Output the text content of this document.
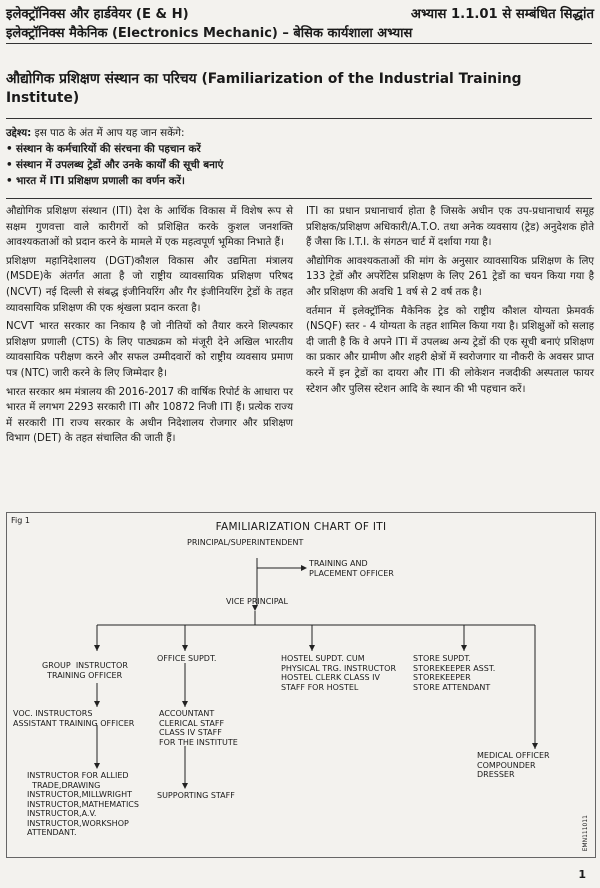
इलेक्ट्रॉनिक्स और हार्डवेयर (E & H)	अभ्यास 1.1.01 से सम्बंधित सिद्धांत
इलेक्ट्रॉनिक्स मैकेनिक (Electronics Mechanic) – बेसिक कार्यशाला अभ्यास
औद्योगिक प्रशिक्षण संस्थान का परिचय (Familiarization of the Industrial Training Institute)
उद्देश्य: इस पाठ के अंत में आप यह जान सकेंगे:
• संस्थान के कर्मचारियों की संरचना की पहचान करें
• संस्थान में उपलब्ध ट्रेडों और उनके कार्यों की सूची बनाएं
• भारत में ITI प्रशिक्षण प्रणाली का वर्णन करें।

औद्योगिक प्रशिक्षण संस्थान (ITI) देश के आर्थिक विकास में विशेष रूप से सक्षम गुणवत्ता वाले कारीगरों को प्रशिक्षित करके कुशल जनशक्ति आवश्यकताओं को प्रदान करने के मामले में एक महत्वपूर्ण भूमिका निभाते हैं।

प्रशिक्षण महानिदेशालय (DGT)कौशल विकास और उद्यमिता मंत्रालय (MSDE)के अंतर्गत आता है जो राष्ट्रीय व्यावसायिक प्रशिक्षण परिषद (NCVT) नई दिल्ली से संबद्ध इंजीनियरिंग और गैर इंजीनियरिंग ट्रेडों के तहत व्यावसायिक प्रशिक्षण की एक श्रृंखला प्रदान करता है।

NCVT भारत सरकार का निकाय है जो नीतियों को तैयार करने शिल्पकार प्रशिक्षण प्रणाली (CTS) के लिए पाठ्यक्रम को मंजूरी देने अखिल भारतीय व्यावसायिक परीक्षण करने और सफल उम्मीदवारों को राष्ट्रीय व्यवसाय प्रमाण पत्र (NTC) जारी करने के लिए जिम्मेदार है।

भारत सरकार श्रम मंत्रालय की 2016-2017 की वार्षिक रिपोर्ट के आधारा पर भारत में लगभग 2293 सरकारी ITI और 10872 निजी ITI हैं। प्रत्येक राज्य में सरकारी ITI राज्य सरकार के अधीन निदेशालय रोजगार और प्रशिक्षण विभाग (DET) के तहत संचालित की जाती हैं।

ITI का प्रधान प्रधानाचार्य होता है जिसके अधीन एक उप-प्रधानाचार्य समूह प्रशिक्षक/प्रशिक्षण अधिकारी/A.T.O. तथा अनेक व्यवसाय (ट्रेड) अनुदेशक होते हैं जैसा कि I.T.I. के संगठन चार्ट में दर्शाया गया है।

औद्योगिक आवश्यकताओं की मांग के अनुसार व्यावसायिक प्रशिक्षण के लिए 133 ट्रेडों और अपरेंटिस प्रशिक्षण के लिए 261 ट्रेडों का चयन किया गया है और प्रशिक्षण की अवधि 1 वर्ष से 2 वर्ष तक है।

वर्तमान में इलेक्ट्रॉनिक मैकेनिक ट्रेड को राष्ट्रीय कौशल योग्यता फ्रेमवर्क (NSQF) स्तर - 4 योग्यता के तहत शामिल किया गया है। प्रशिक्षुओं को सलाह दी जाती है कि वे अपने ITI में उपलब्ध अन्य ट्रेडों की एक सूची बनाएं प्रशिक्षण का प्रकार और ग्रामीण और शहरी क्षेत्रों में स्वरोजगार या नौकरी के अवसर प्राप्त करने में इन ट्रेडों का दायरा और ITI की लोकेशन नजदीकी अस्पताल फायर स्टेशन और पुलिस स्टेशन आदि के स्थान की भी पहचान करें।

Fig 1
FAMILIARIZATION CHART OF ITI
PRINCIPAL/SUPERINTENDENT
TRAINING AND
PLACEMENT OFFICER
VICE PRINCIPAL
GROUP  INSTRUCTOR
TRAINING OFFICER
OFFICE SUPDT.	HOSTEL SUPDT. CUM
PHYSICAL TRG. INSTRUCTOR
HOSTEL CLERK CLASS IV
STAFF FOR HOSTEL
STORE SUPDT.
STOREKEEPER ASST.
STOREKEEPER
STORE ATTENDANT
VOC. INSTRUCTORS
ASSISTANT TRAINING OFFICER
ACCOUNTANT
CLERICAL STAFF
CLASS IV STAFF
FOR THE INSTITUTE
INSTRUCTOR FOR ALLIED
TRADE,DRAWING
INSTRUCTOR,MILLWRIGHT
INSTRUCTOR,MATHEMATICS
INSTRUCTOR,A.V.
INSTRUCTOR,WORKSHOP
ATTENDANT.
SUPPORTING STAFF
MEDICAL OFFICER
COMPOUNDER
DRESSER
EMN111011
1
